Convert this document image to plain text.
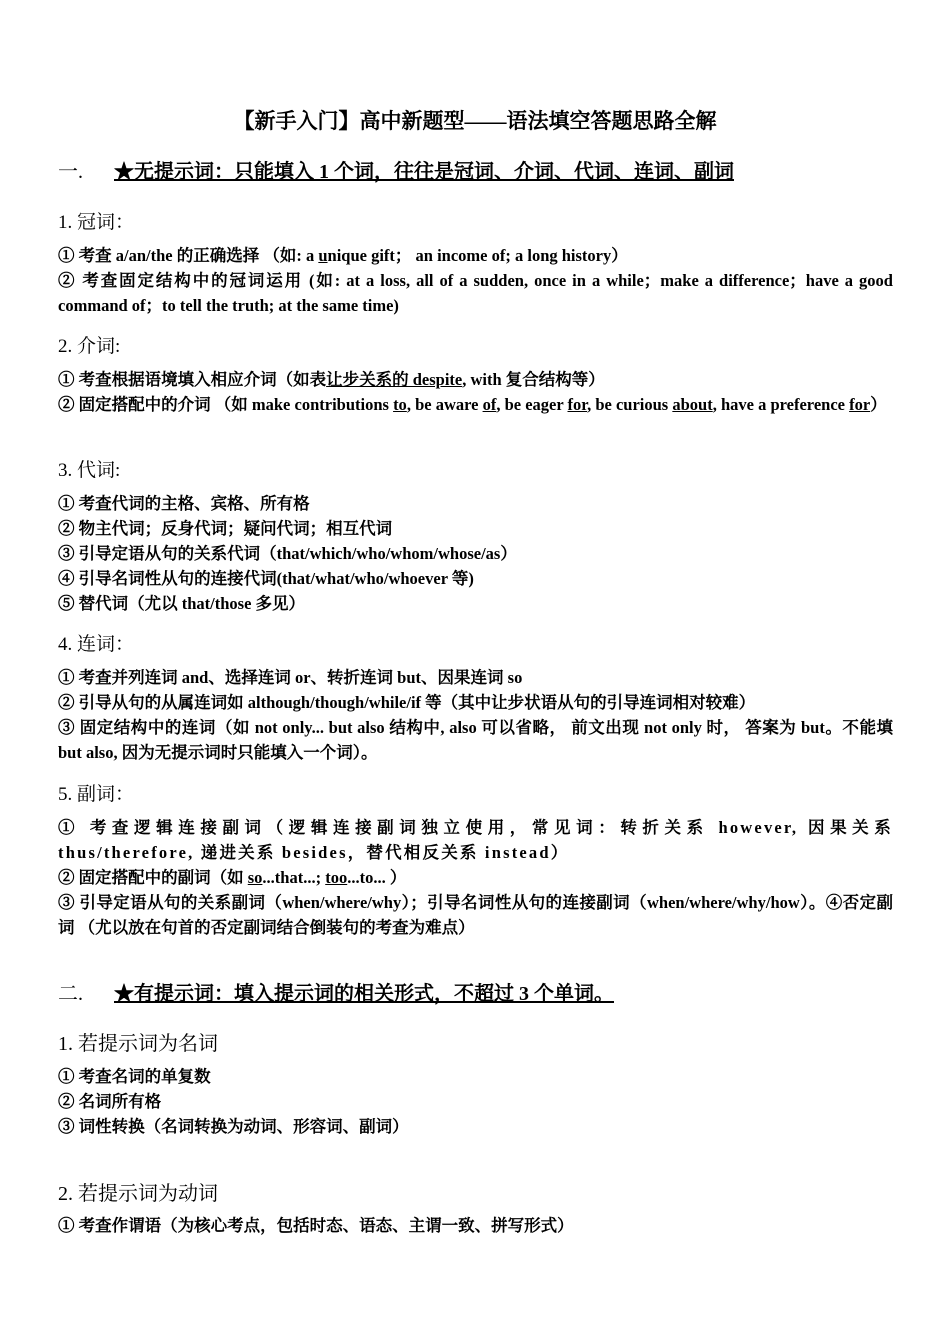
【新手入门】高中新题型——语法填空答题思路全解
一. ★无提示词：只能填入 1 个词，往往是冠词、介词、代词、连词、副词
1. 冠词：

① 考查 a/an/the 的正确选择 （如: a unique gift； an income of; a long history）

② 考查固定结构中的冠词运用 (如: at a loss, all of a sudden, once in a while；make a difference；have a good command of；to tell the truth; at the same time)

2. 介词:

① 考查根据语境填入相应介词（如表让步关系的 despite, with 复合结构等）

② 固定搭配中的介词 （如 make contributions to, be aware of, be eager for, be curious about, have a preference for）

3. 代词:

① 考查代词的主格、宾格、所有格

② 物主代词；反身代词；疑问代词；相互代词

③ 引导定语从句的关系代词（that/which/who/whom/whose/as）

④ 引导名词性从句的连接代词(that/what/who/whoever 等)

⑤ 替代词（尤以 that/those 多见）

4. 连词：

① 考查并列连词 and、选择连词 or、转折连词 but、因果连词 so

② 引导从句的从属连词如 although/though/while/if 等（其中让步状语从句的引导连词相对较难）

③ 固定结构中的连词（如 not only... but also 结构中, also 可以省略， 前文出现 not only 时， 答案为 but。不能填 but also, 因为无提示词时只能填入一个词）。

5. 副词：

① 考查逻辑连接副词（逻辑连接副词独立使用，常见词：转折关系 however, 因果关系 thus/therefore, 递进关系 besides，替代相反关系 instead）

② 固定搭配中的副词（如 so...that...; too...to... ）

③ 引导定语从句的关系副词（when/where/why）；引导名词性从句的连接副词（when/where/why/how）。④否定副词 （尤以放在句首的否定副词结合倒装句的考查为难点）

二. ★有提示词：填入提示词的相关形式，不超过 3 个单词。
1. 若提示词为名词

① 考查名词的单复数

② 名词所有格

③ 词性转换（名词转换为动词、形容词、副词）

2. 若提示词为动词

① 考查作谓语（为核心考点，包括时态、语态、主谓一致、拼写形式）
